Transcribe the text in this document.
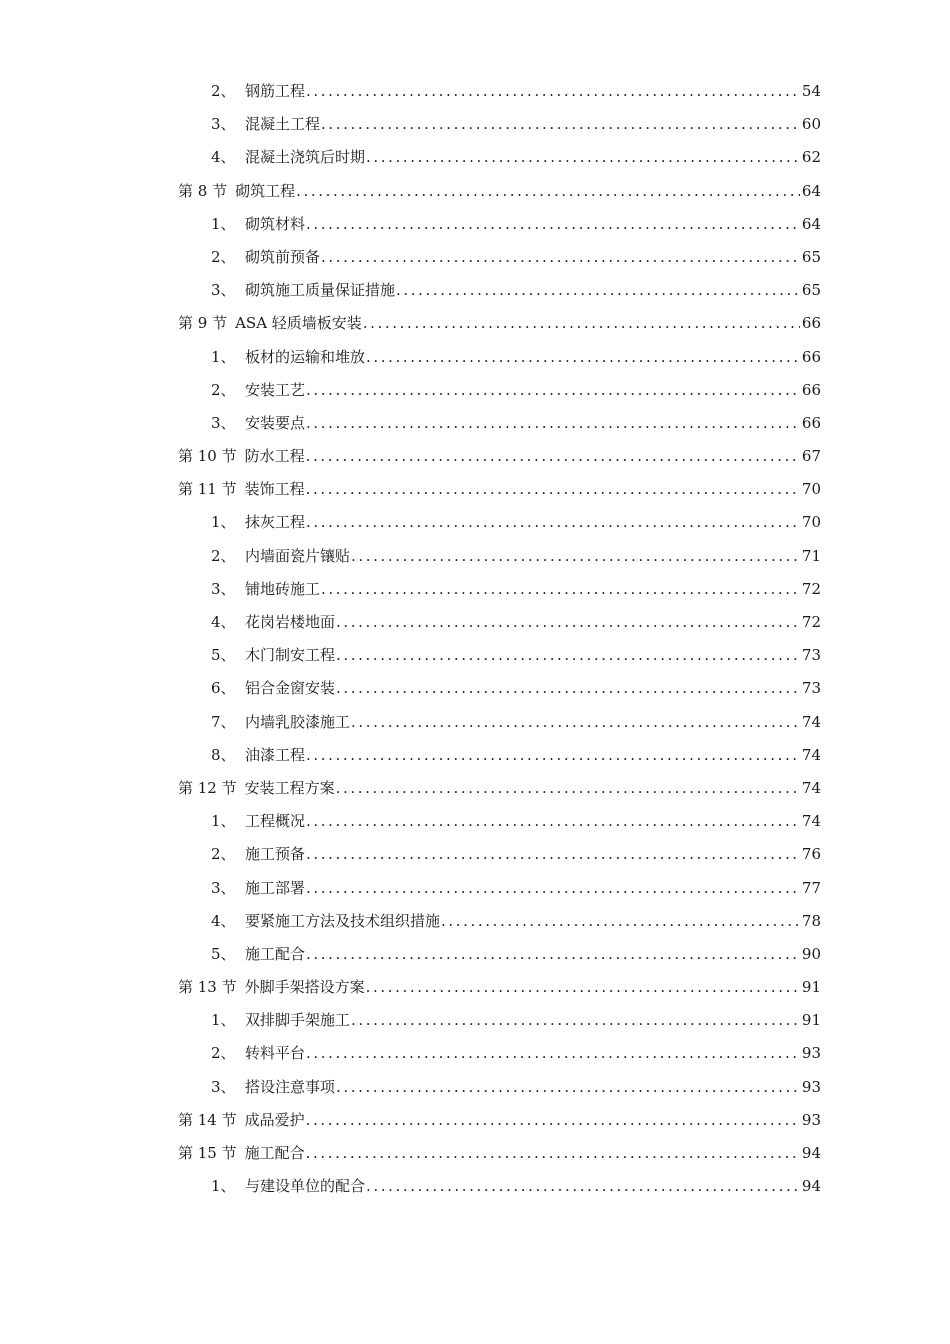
2、 钢筋工程 .....	54
3、 混凝土工程 .....	60
4、 混凝土浇筑后时期 .....	62
第 8 节 砌筑工程 .....	64
1、 砌筑材料 .....	64
2、 砌筑前预备 .....	65
3、 砌筑施工质量保证措施 .....	65
第 9 节 ASA 轻质墙板安装 .....	66
1、 板材的运输和堆放 .....	66
2、 安装工艺 .....	66
3、 安装要点 .....	66
第 10 节 防水工程 .....	67
第 11 节 装饰工程 .....	70
1、 抹灰工程 .....	70
2、 内墙面瓷片镶贴 .....	71
3、 铺地砖施工 .....	72
4、 花岗岩楼地面 .....	72
5、 木门制安工程 .....	73
6、 铝合金窗安装 .....	73
7、 内墙乳胶漆施工 .....	74
8、 油漆工程 .....	74
第 12 节 安装工程方案 .....	74
1、 工程概况 .....	74
2、 施工预备 .....	76
3、 施工部署 .....	77
4、 要紧施工方法及技术组织措施 .....	78
5、 施工配合 .....	90
第 13 节 外脚手架搭设方案 .....	91
1、 双排脚手架施工 .....	91
2、 转料平台 .....	93
3、 搭设注意事项 .....	93
第 14 节 成品爱护 .....	93
第 15 节 施工配合 .....	94
1、 与建设单位的配合 .....	94
